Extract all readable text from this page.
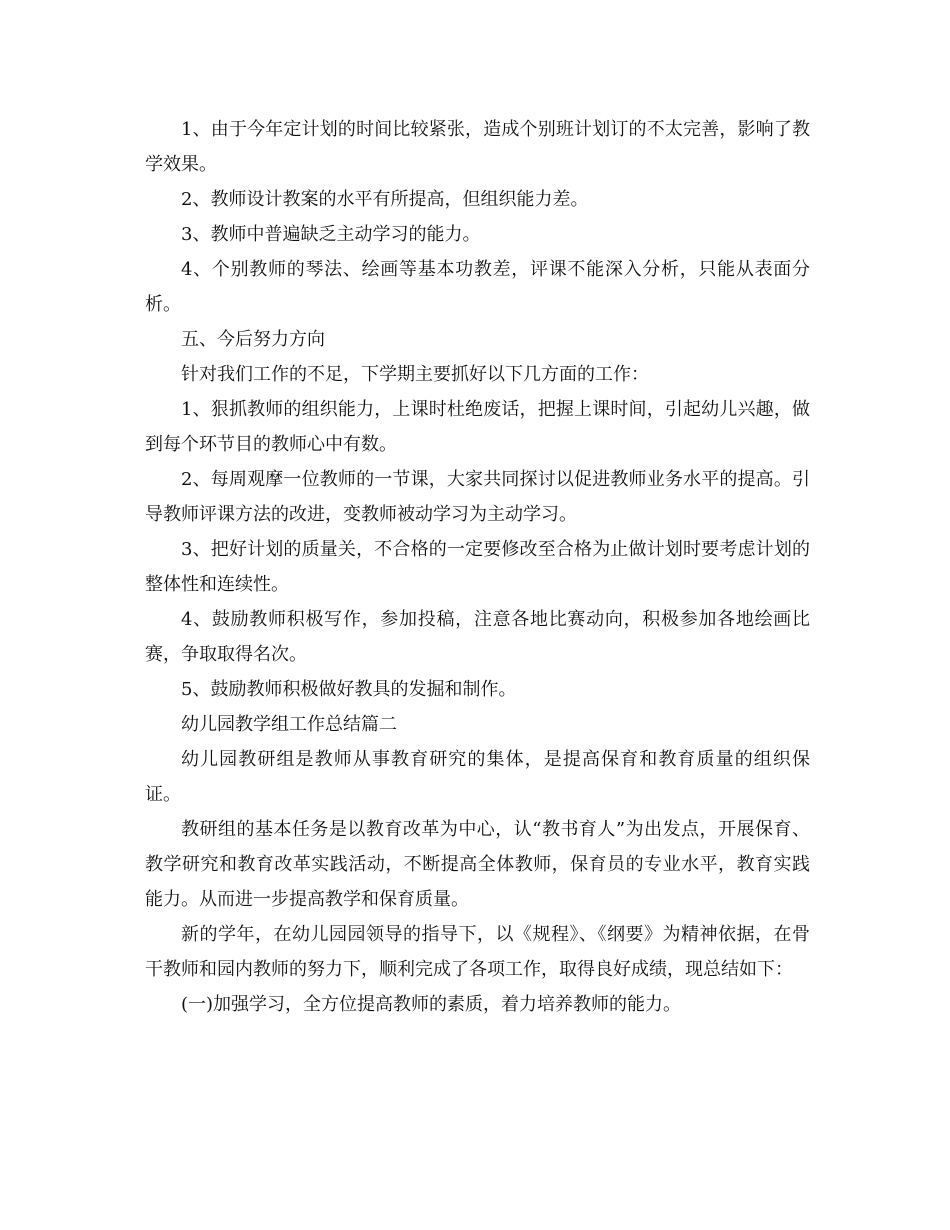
1、由于今年定计划的时间比较紧张，造成个别班计划订的不太完善，影响了教学效果。

2、教师设计教案的水平有所提高，但组织能力差。

3、教师中普遍缺乏主动学习的能力。

4、个别教师的琴法、绘画等基本功教差，评课不能深入分析，只能从表面分析。

五、今后努力方向

针对我们工作的不足，下学期主要抓好以下几方面的工作：

1、狠抓教师的组织能力，上课时杜绝废话，把握上课时间，引起幼儿兴趣，做到每个环节目的教师心中有数。

2、每周观摩一位教师的一节课，大家共同探讨以促进教师业务水平的提高。引导教师评课方法的改进，变教师被动学习为主动学习。

3、把好计划的质量关，不合格的一定要修改至合格为止做计划时要考虑计划的整体性和连续性。

4、鼓励教师积极写作，参加投稿，注意各地比赛动向，积极参加各地绘画比赛，争取取得名次。

5、鼓励教师积极做好教具的发掘和制作。

幼儿园教学组工作总结篇二

幼儿园教研组是教师从事教育研究的集体，是提高保育和教育质量的组织保证。

教研组的基本任务是以教育改革为中心，认“教书育人”为出发点，开展保育、教学研究和教育改革实践活动，不断提高全体教师，保育员的专业水平，教育实践能力。从而进一步提高教学和保育质量。

新的学年，在幼儿园园领导的指导下，以《规程》、《纲要》为精神依据，在骨干教师和园内教师的努力下，顺利完成了各项工作，取得良好成绩，现总结如下：

(一)加强学习，全方位提高教师的素质，着力培养教师的能力。
